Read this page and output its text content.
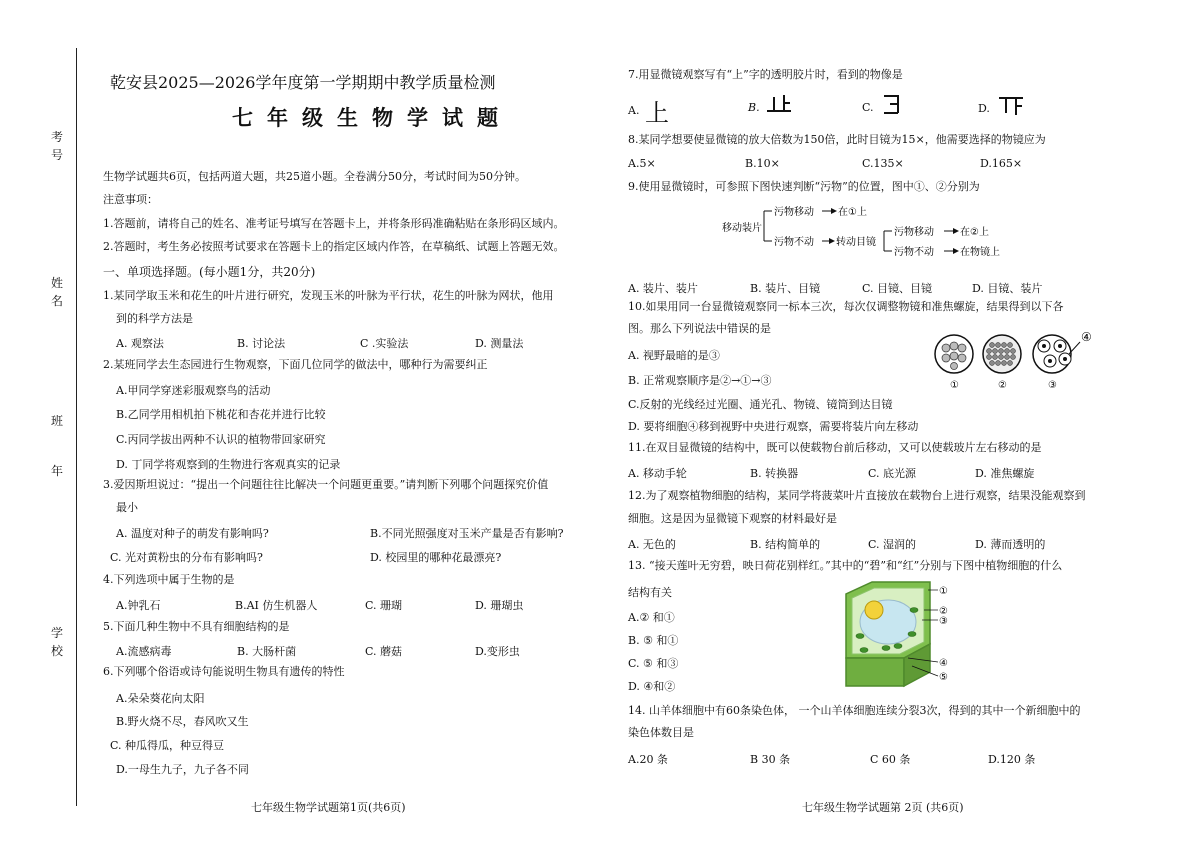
考号
姓名
班
年
学校
乾安县2025—2026学年度第一学期期中教学质量检测
七年级生物学试题
生物学试题共6页，包括两道大题，共25道小题。全卷满分50分，考试时间为50分钟。
注意事项：
1.答题前，请将自己的姓名、准考证号填写在答题卡上，并将条形码准确粘贴在条形码区域内。
2.答题时，考生务必按照考试要求在答题卡上的指定区域内作答，在草稿纸、试题上答题无效。
一、单项选择题。(每小题1分，共20分)
1.某同学取玉米和花生的叶片进行研究，发现玉米的叶脉为平行状，花生的叶脉为网状，他用
到的科学方法是
A. 观察法	B. 讨论法	C .实验法	D. 测量法
2.某班同学去生态园进行生物观察，下面几位同学的做法中，哪种行为需要纠正
A.甲同学穿迷彩服观察鸟的活动
B.乙同学用相机拍下桃花和杏花并进行比较
C.丙同学拔出两种不认识的植物带回家研究
D. 丁同学将观察到的生物进行客观真实的记录
3.爱因斯坦说过：“提出一个问题往往比解决一个问题更重要。”请判断下列哪个问题探究价值
最小
A. 温度对种子的萌发有影响吗?	B.不同光照强度对玉米产量是否有影响?
C. 光对黄粉虫的分布有影响吗?	D. 校园里的哪种花最漂亮?
4.下列选项中属于生物的是
A.钟乳石	B.AI 仿生机器人	C. 珊瑚	D. 珊瑚虫
5.下面几种生物中不具有细胞结构的是
A.流感病毒	B. 大肠杆菌	C. 蘑菇	D.变形虫
6.下列哪个俗语或诗句能说明生物具有遗传的特性
A.朵朵葵花向太阳
B.野火烧不尽，春风吹又生
C. 种瓜得瓜，种豆得豆
D.一母生九子，九子各不同
七年级生物学试题第1页(共6页)
7.用显微镜观察写有“上”字的透明胶片时，看到的物像是
A. 上	B.	C.	D.
8.某同学想要使显微镜的放大倍数为150倍，此时目镜为15×，他需要选择的物镜应为
A.5×	B.10×	C.135×	D.165×
9.使用显微镜时，可参照下图快速判断“污物”的位置，图中①、②分别为
移动装片
污物移动 在①上
污物不动 转动目镜
污物移动	在②上
污物不动	在物镜上
A. 装片、装片	B. 装片、目镜	C. 目镜、目镜	D. 目镜、装片
10.如果用同一台显微镜观察同一标本三次，每次仅调整物镜和准焦螺旋，结果得到以下各
图。那么下列说法中错误的是
A. 视野最暗的是③
B. 正常观察顺序是②→①→③
C.反射的光线经过光圈、通光孔、物镜、镜筒到达目镜
D. 要将细胞④移到视野中央进行观察，需要将装片向左移动
①	②
④
③
11.在双目显微镜的结构中，既可以使载物台前后移动，又可以使载玻片左右移动的是
A. 移动手轮	B. 转换器	C. 底光源	D. 准焦螺旋
12.为了观察植物细胞的结构，某同学将菠菜叶片直接放在载物台上进行观察，结果没能观察到
细胞。这是因为显微镜下观察的材料最好是
A. 无色的	B. 结构简单的	C. 湿润的	D. 薄而透明的
13. “接天莲叶无穷碧，映日荷花别样红。”其中的“碧”和“红”分别与下图中植物细胞的什么
结构有关
A.② 和①
B. ⑤ 和①
C. ⑤ 和③
D. ④和②
①
②
③
④
⑤
14. 山羊体细胞中有60条染色体， 一个山羊体细胞连续分裂3次，得到的其中一个新细胞中的
染色体数目是
A.20 条	B 30 条	C 60 条	D.120 条
七年级生物学试题第 2页 (共6页)
